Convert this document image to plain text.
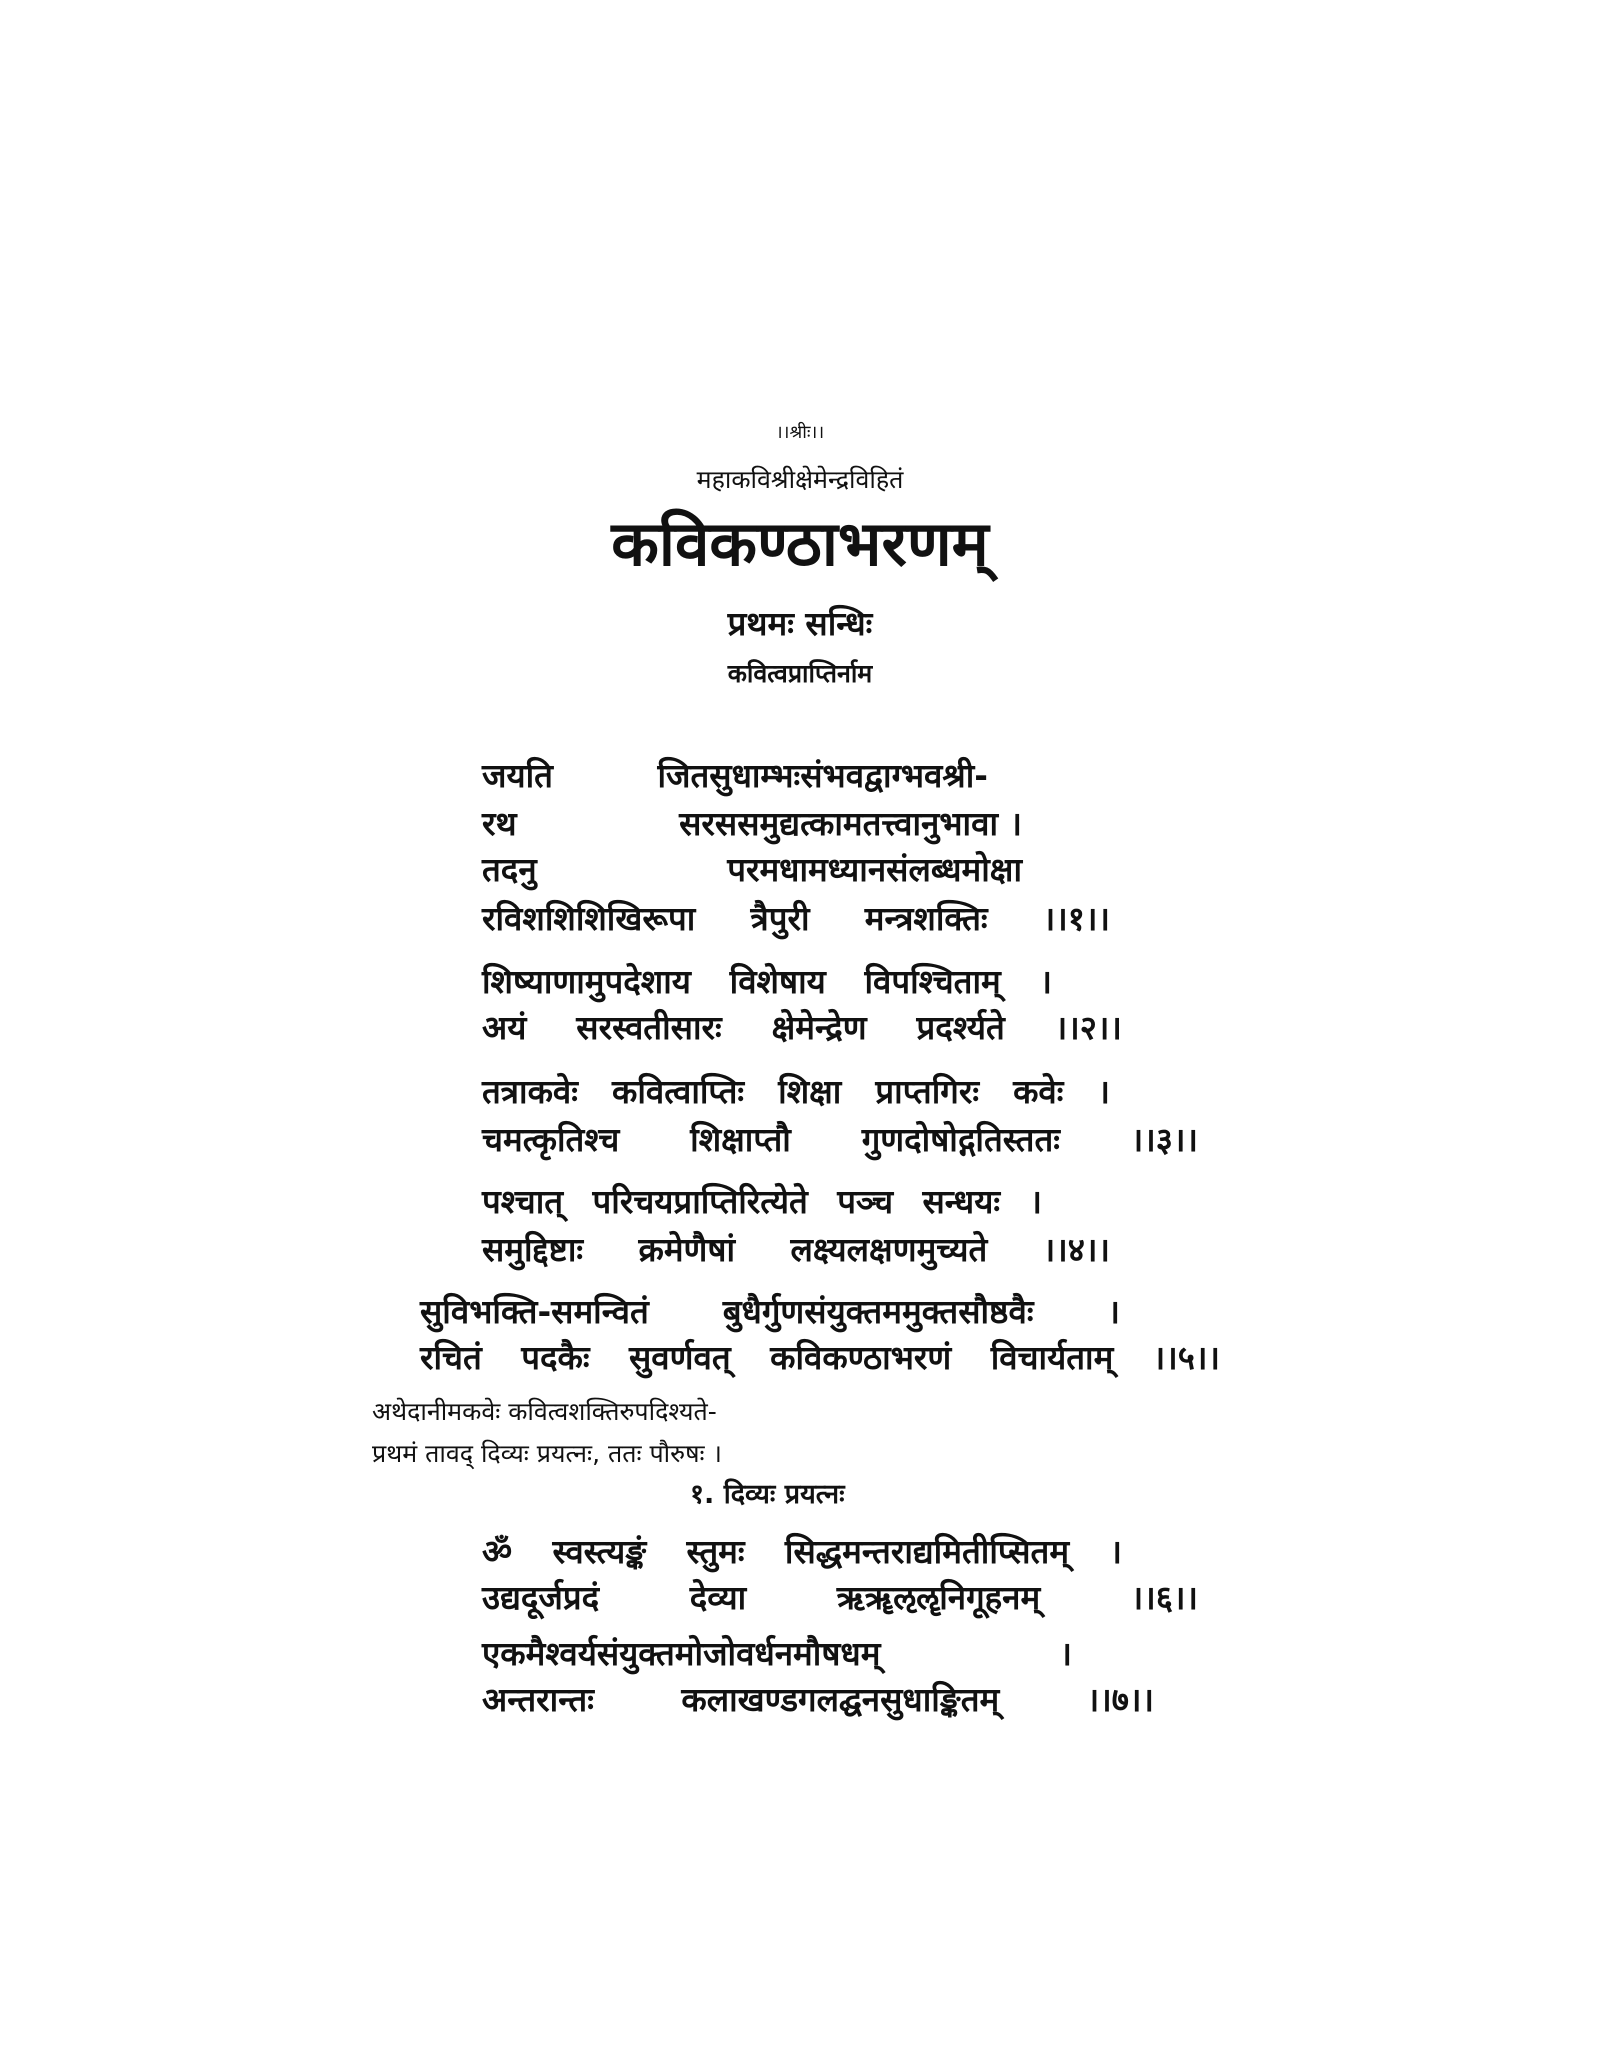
।।श्रीः।।
महाकविश्रीक्षेमेन्द्रविहितं
कविकण्ठाभरणम्
प्रथमः सन्धिः
कवित्वप्राप्तिर्नाम
जयति	जितसुधाम्भःसंभवद्वाग्भवश्री-
रथ	सरससमुद्यत्कामतत्त्वानुभावा ।
तदनु	परमधामध्यानसंलब्धमोक्षा
रविशशिशिखिरूपा त्रैपुरी मन्त्रशक्तिः ।।१।।
शिष्याणामुपदेशाय विशेषाय विपश्चिताम् ।
अयं सरस्वतीसारः क्षेमेन्द्रेण प्रदर्श्यते ।।२।।
तत्राकवेः कवित्वाप्तिः शिक्षा प्राप्तगिरः कवेः ।
चमत्कृतिश्च शिक्षाप्तौ गुणदोषोद्गतिस्ततः ।।३।।
पश्चात् परिचयप्राप्तिरित्येते पञ्च सन्धयः ।
समुद्दिष्टाः क्रमेणैषां लक्ष्यलक्षणमुच्यते ।।४।।
सुविभक्ति-समन्वितं बुधैर्गुणसंयुक्तममुक्तसौष्ठवैः ।
रचितं पदकैः सुवर्णवत् कविकण्ठाभरणं विचार्यताम् ।।५।।
अथेदानीमकवेः कवित्वशक्तिरुपदिश्यते-
प्रथमं तावद् दिव्यः प्रयत्नः, ततः पौरुषः ।
१. दिव्यः प्रयत्नः
ॐ स्वस्त्यङ्कं स्तुमः सिद्धमन्तराद्यमितीप्सितम् ।
उद्यदूर्जप्रदं	देव्या	ऋॠऌॡनिगूहनम्	।।६।।
एकमैश्वर्यसंयुक्तमोजोवर्धनमौषधम्	।
अन्तरान्तः	कलाखण्डगलद्घनसुधाङ्कितम्	।।७।।
